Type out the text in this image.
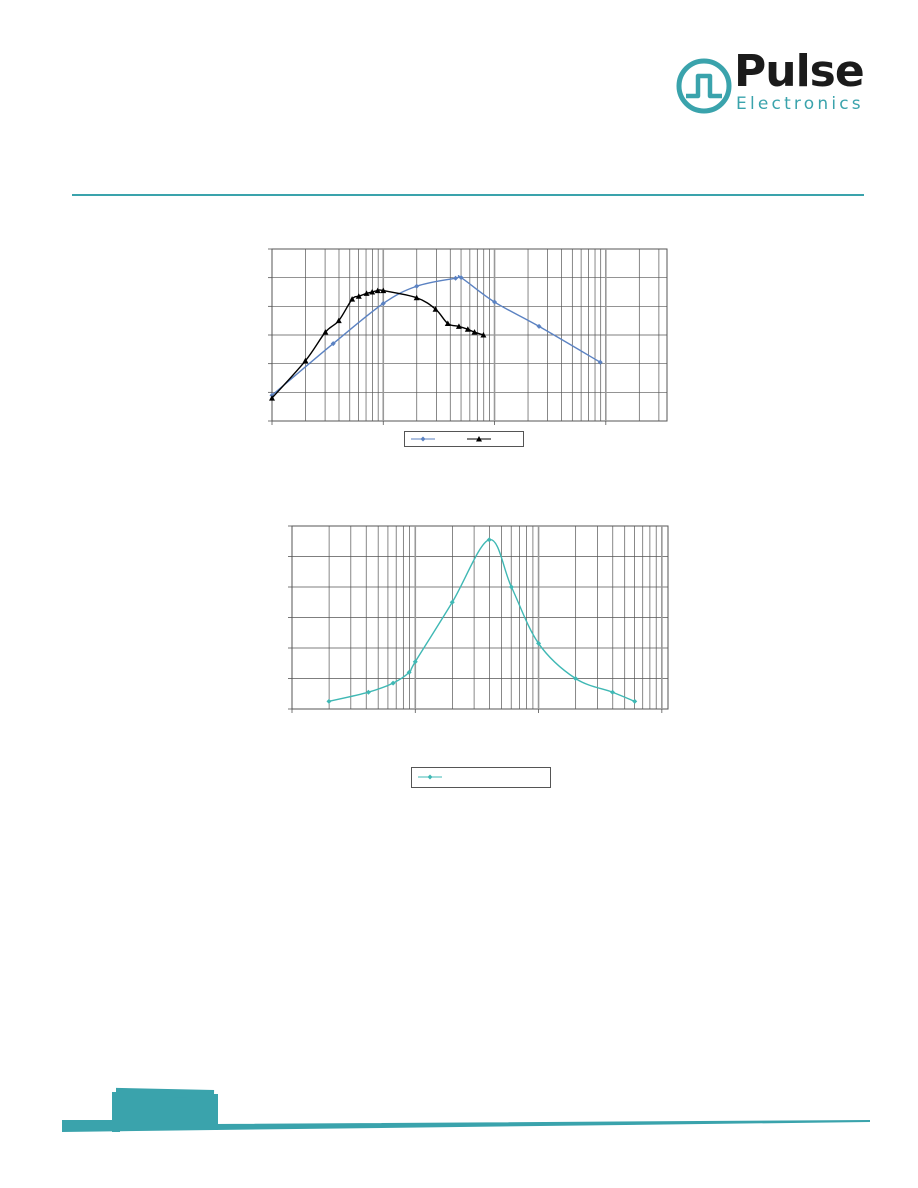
Pulse
Electronics
